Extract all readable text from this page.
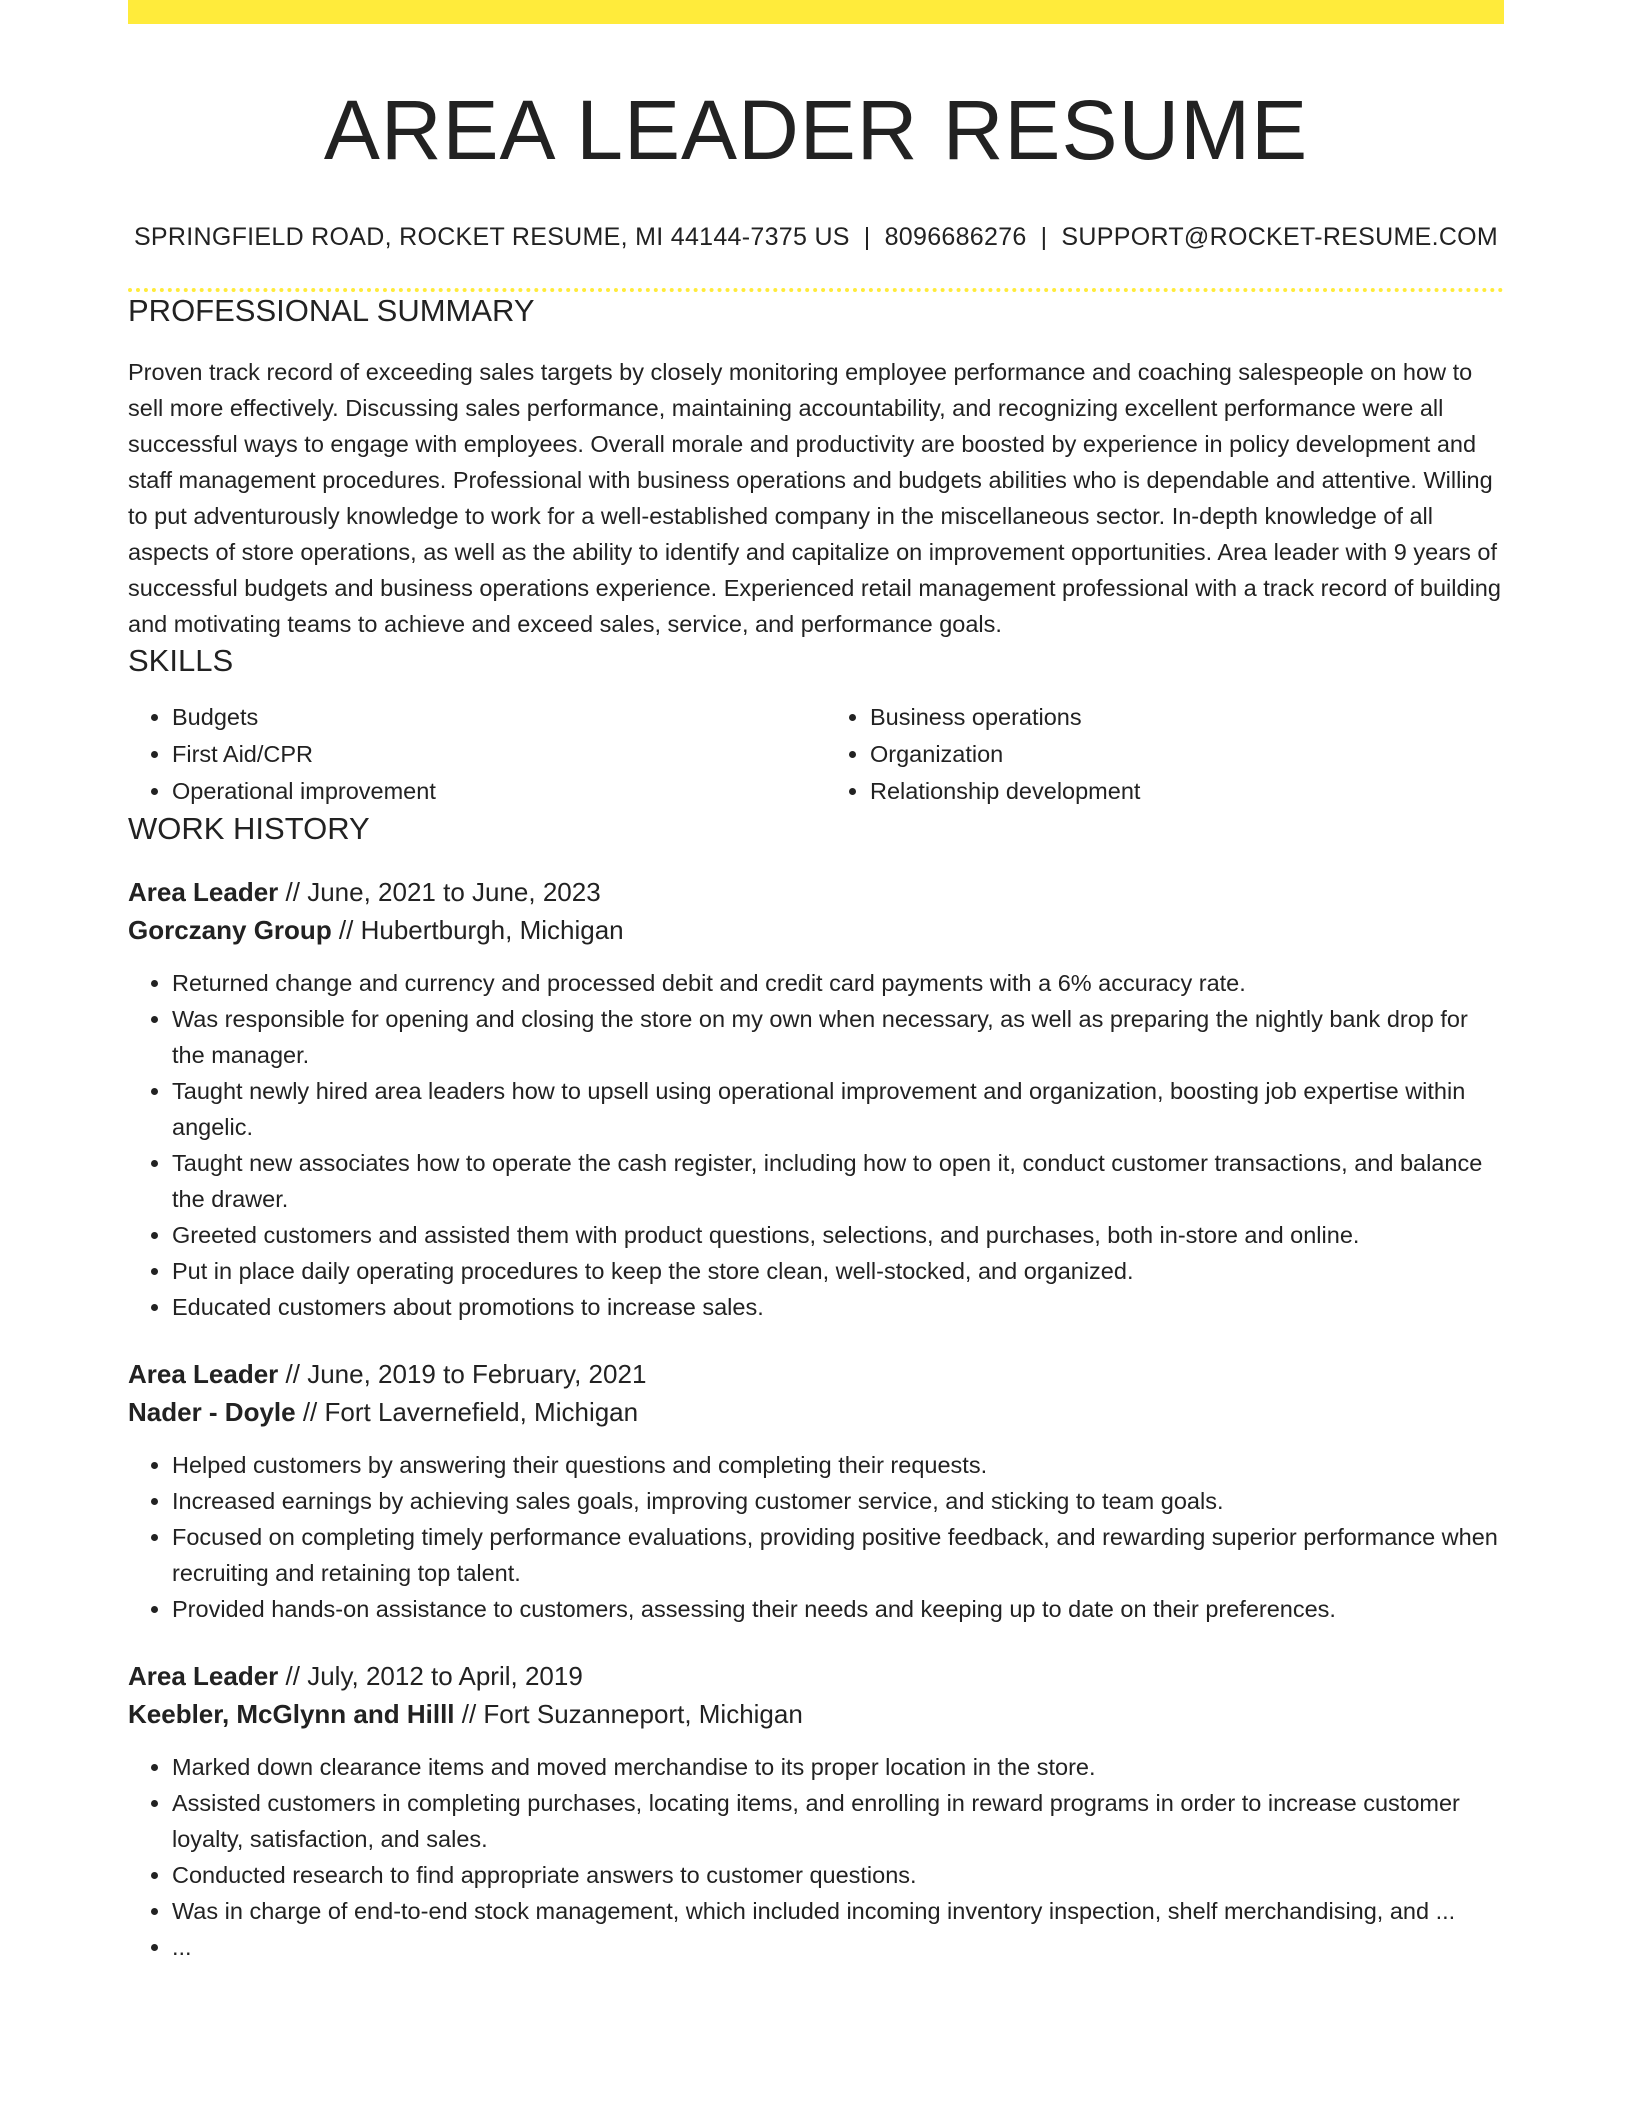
AREA LEADER RESUME
SPRINGFIELD ROAD, ROCKET RESUME, MI 44144-7375 US | 8096686276 | SUPPORT@ROCKET-RESUME.COM
PROFESSIONAL SUMMARY

Proven track record of exceeding sales targets by closely monitoring employee performance and coaching salespeople on how to sell more effectively. Discussing sales performance, maintaining accountability, and recognizing excellent performance were all successful ways to engage with employees. Overall morale and productivity are boosted by experience in policy development and staff management procedures. Professional with business operations and budgets abilities who is dependable and attentive. Willing to put adventurously knowledge to work for a well-established company in the miscellaneous sector. In-depth knowledge of all aspects of store operations, as well as the ability to identify and capitalize on improvement opportunities. Area leader with 9 years of successful budgets and business operations experience. Experienced retail management professional with a track record of building and motivating teams to achieve and exceed sales, service, and performance goals.

SKILLS
• Budgets
• First Aid/CPR
• Operational improvement
• Business operations
• Organization
• Relationship development
WORK HISTORY
Area Leader // June, 2021 to June, 2023
Gorczany Group // Hubertburgh, Michigan
• Returned change and currency and processed debit and credit card payments with a 6% accuracy rate.
• Was responsible for opening and closing the store on my own when necessary, as well as preparing the nightly bank drop for the manager.
• Taught newly hired area leaders how to upsell using operational improvement and organization, boosting job expertise within angelic.
• Taught new associates how to operate the cash register, including how to open it, conduct customer transactions, and balance the drawer.
• Greeted customers and assisted them with product questions, selections, and purchases, both in-store and online.
• Put in place daily operating procedures to keep the store clean, well-stocked, and organized.
• Educated customers about promotions to increase sales.
Area Leader // June, 2019 to February, 2021
Nader - Doyle // Fort Lavernefield, Michigan
• Helped customers by answering their questions and completing their requests.
• Increased earnings by achieving sales goals, improving customer service, and sticking to team goals.
• Focused on completing timely performance evaluations, providing positive feedback, and rewarding superior performance when recruiting and retaining top talent.
• Provided hands-on assistance to customers, assessing their needs and keeping up to date on their preferences.
Area Leader // July, 2012 to April, 2019
Keebler, McGlynn and Hilll // Fort Suzanneport, Michigan
• Marked down clearance items and moved merchandise to its proper location in the store.
• Assisted customers in completing purchases, locating items, and enrolling in reward programs in order to increase customer loyalty, satisfaction, and sales.
• Conducted research to find appropriate answers to customer questions.
• Was in charge of end-to-end stock management, which included incoming inventory inspection, shelf merchandising, and ...
• ...
